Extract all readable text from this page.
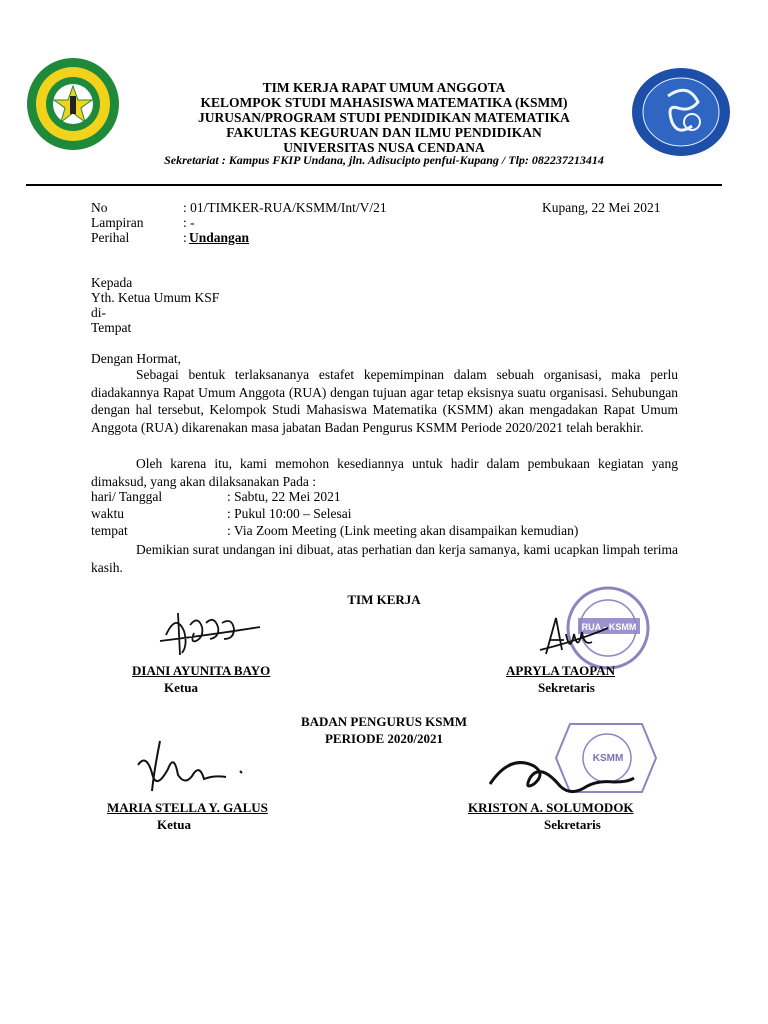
TIM KERJA RAPAT UMUM ANGGOTA
KELOMPOK STUDI MAHASISWA MATEMATIKA (KSMM)
JURUSAN/PROGRAM STUDI PENDIDIKAN MATEMATIKA
FAKULTAS KEGURUAN DAN ILMU PENDIDIKAN
UNIVERSITAS NUSA CENDANA
Sekretariat : Kampus FKIP Undana, jln. Adisucipto penfui-Kupang / Tlp: 082237213414
No	: 01/TIMKER-RUA/KSMM/Int/V/21	Kupang, 22 Mei 2021
Lampiran	: -
Perihal	: Undangan
Kepada
Yth. Ketua Umum KSF
di-
Tempat
Dengan Hormat,
Sebagai bentuk terlaksananya estafet kepemimpinan dalam sebuah organisasi, maka perlu diadakannya Rapat Umum Anggota (RUA) dengan tujuan agar tetap eksisnya suatu organisasi. Sehubungan dengan hal tersebut, Kelompok Studi Mahasiswa Matematika (KSMM) akan mengadakan Rapat Umum Anggota (RUA) dikarenakan masa jabatan Badan Pengurus KSMM Periode 2020/2021 telah berakhir.
Oleh karena itu, kami memohon kesediannya untuk hadir dalam pembukaan kegiatan yang dimaksud, yang akan dilaksanakan Pada :
hari/ Tanggal	: Sabtu, 22 Mei 2021
waktu	: Pukul 10:00 – Selesai
tempat	: Via Zoom Meeting (Link meeting akan disampaikan kemudian)
Demikian surat undangan ini dibuat, atas perhatian dan kerja samanya, kami ucapkan limpah terima kasih.
TIM KERJA
RUA - KSMM
DIANI AYUNITA BAYO
Ketua
APRYLA TAOPAN
Sekretaris
BADAN PENGURUS KSMM
PERIODE 2020/2021
KSMM
MARIA STELLA Y. GALUS
Ketua
KRISTON A. SOLUMODOK
Sekretaris
